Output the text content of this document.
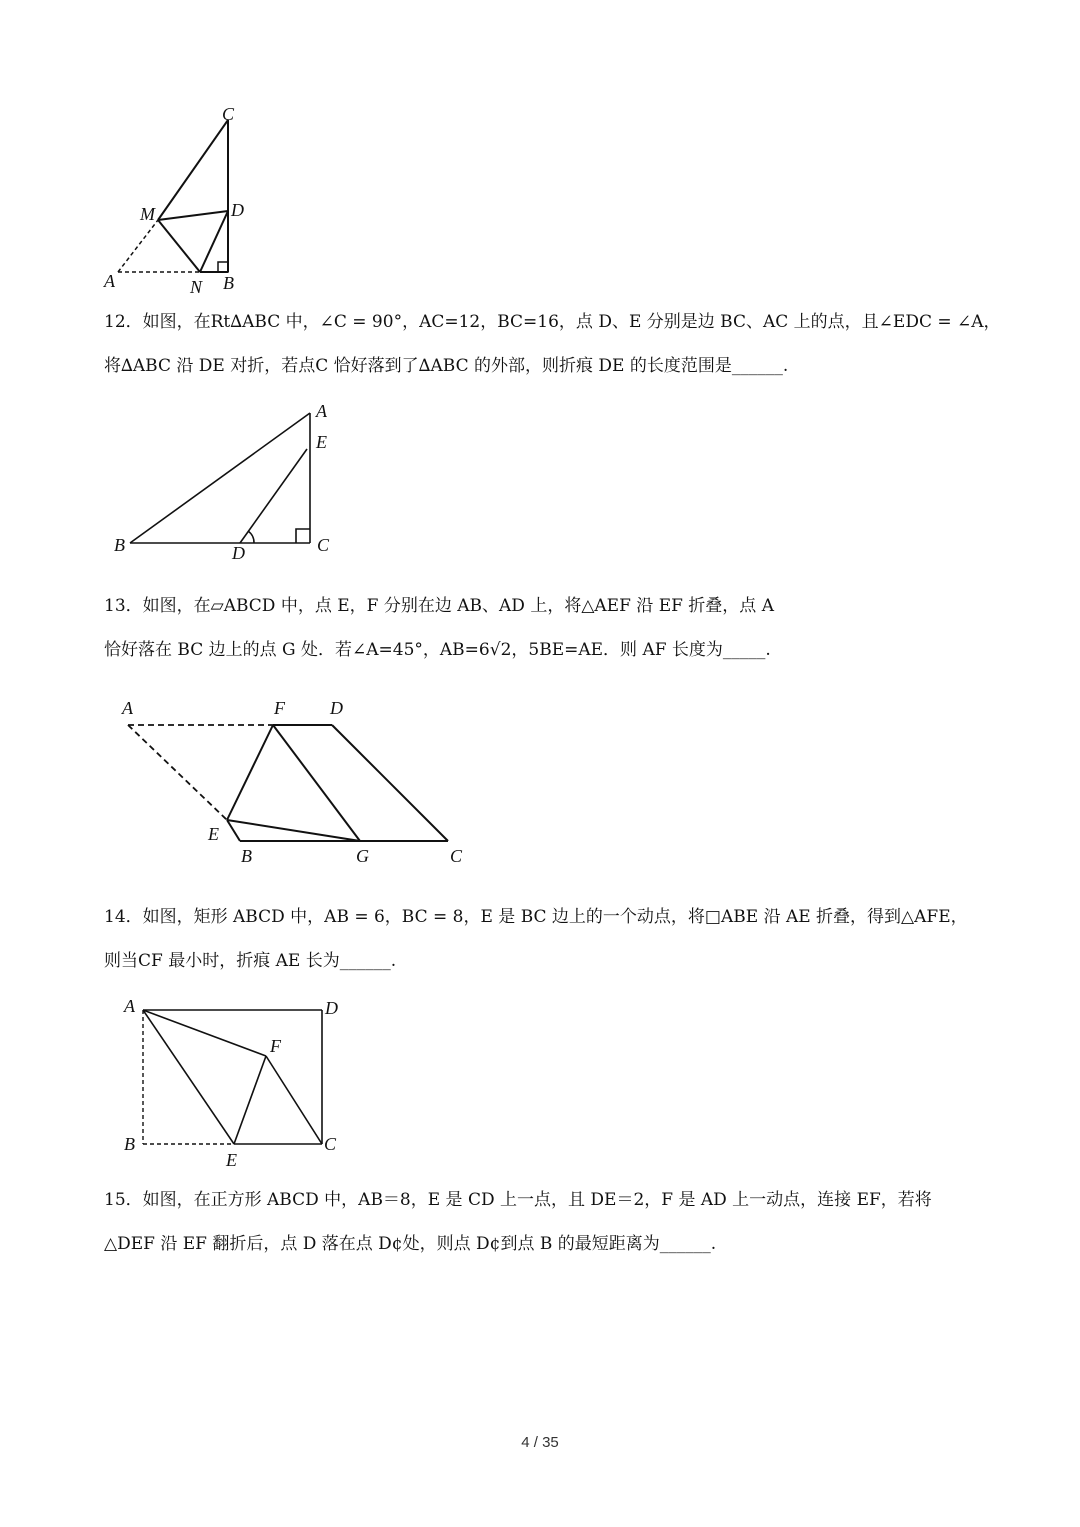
C
M	D
A	N B
12．如图，在Rt∆ABC 中，∠C = 90°，AC=12，BC=16，点 D、E 分别是边 BC、AC 上的点，且∠EDC = ∠A，
将∆ABC 沿 DE 对折，若点C 恰好落到了∆ABC 的外部，则折痕 DE 的长度范围是______.
A
E
B	D	C
13．如图，在▱ABCD 中，点 E，F 分别在边 AB、AD 上，将△AEF 沿 EF 折叠，点 A
恰好落在 BC 边上的点 G 处．若∠A=45°，AB=6√2，5BE=AE．则 AF 长度为_____.
A	F	D
E
B	G	C
14．如图，矩形 ABCD 中，AB = 6，BC = 8，E 是 BC 边上的一个动点，将□ABE 沿 AE 折叠，得到△AFE，
则当CF 最小时，折痕 AE 长为______.
A	D
F
B
E
C
15．如图，在正方形 ABCD 中，AB＝8，E 是 CD 上一点，且 DE＝2，F 是 AD 上一动点，连接 EF，若将
△DEF 沿 EF 翻折后，点 D 落在点 D¢处，则点 D¢到点 B 的最短距离为______.
4 / 35
